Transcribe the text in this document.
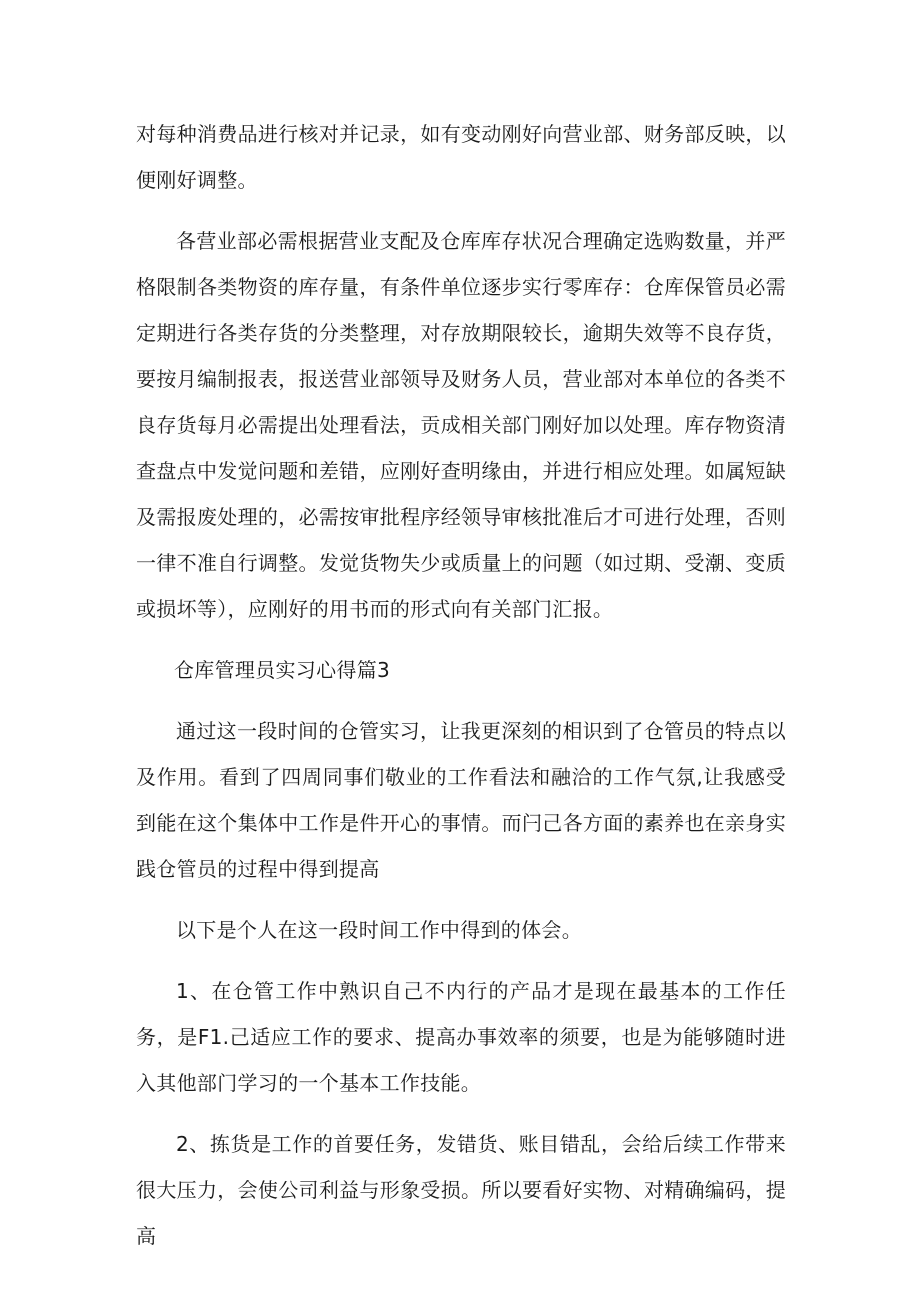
对每种消费品进行核对并记录，如有变动刚好向营业部、财务部反映，以便刚好调整。

各营业部必需根据营业支配及仓库库存状况合理确定选购数量，并严格限制各类物资的库存量，有条件单位逐步实行零库存：仓库保管员必需定期进行各类存货的分类整理，对存放期限较长，逾期失效等不良存货，要按月编制报表，报送营业部领导及财务人员，营业部对本单位的各类不良存货每月必需提出处理看法，贡成相关部门刚好加以处理。库存物资清查盘点中发觉问题和差错，应刚好查明缘由，并进行相应处理。如属短缺及需报废处理的，必需按审批程序经领导审核批准后才可进行处理，否则一律不准自行调整。发觉货物失少或质量上的问题（如过期、受潮、变质或损坏等），应刚好的用书而的形式向有关部门汇报。

仓库管理员实习心得篇3

通过这一段时间的仓管实习，让我更深刻的相识到了仓管员的特点以及作用。看到了四周同事们敬业的工作看法和融洽的工作气氛,让我感受到能在这个集体中工作是件开心的事情。而闩己各方面的素养也在亲身实践仓管员的过程中得到提高

以下是个人在这一段时间工作中得到的体会。

1、在仓管工作中熟识自己不内行的产品才是现在最基本的工作任务，是F1.己适应工作的要求、提高办事效率的须要，也是为能够随时进入其他部门学习的一个基本工作技能。

2、拣货是工作的首要任务，发错货、账目错乱，会给后续工作带来很大压力，会使公司利益与形象受损。所以要看好实物、对精确编码，提高
